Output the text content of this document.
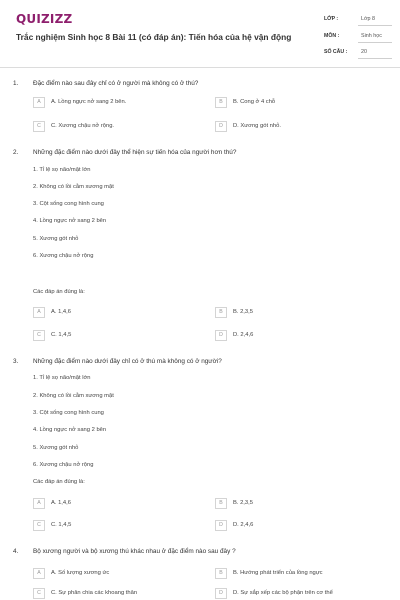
QUIZIZZ
Trắc nghiệm Sinh học 8 Bài 11 (có đáp án): Tiến hóa của hệ vận động
LỚP :	Lớp 8
MÔN :	Sinh học
SỐ CÂU :	20
1. Đặc điểm nào sau đây chỉ có ở người mà không có ở thú?
A	A. Lồng ngực nở sang 2 bên.	B	B. Cong ở 4 chỗ
C	C. Xương chậu nở rộng.	D	D. Xương gót nhỏ.
2. Những đặc điểm nào dưới đây thể hiện sự tiến hóa của người hơn thú?
1. Tỉ lệ sọ não/mặt lớn
2. Không có lồi cằm xương mặt
3. Cột sống cong hình cung
4. Lồng ngực nở sang 2 bên
5. Xương gót nhỏ
6. Xương chậu nở rộng
Các đáp án đúng là:
A	A. 1,4,6	B	B. 2,3,5
C	C. 1,4,5	D	D. 2,4,6
3. Những đặc điểm nào dưới đây chỉ có ở thú mà không có ở người?
1. Tỉ lệ sọ não/mặt lớn
2. Không có lồi cằm xương mặt
3. Cột sống cong hình cung
4. Lồng ngực nở sang 2 bên
5. Xương gót nhỏ
6. Xương chậu nở rộng
Các đáp án đúng là:
A	A. 1,4,6	B	B. 2,3,5
C	C. 1,4,5	D	D. 2,4,6
4. Bộ xương người và bộ xương thú khác nhau ở đặc điểm nào sau đây ?
A	A. Số lượng xương ức	B	B. Hướng phát triển của lồng ngực
C	C. Sự phân chia các khoang thân	D	D. Sự sắp xếp các bộ phận trên cơ thể
